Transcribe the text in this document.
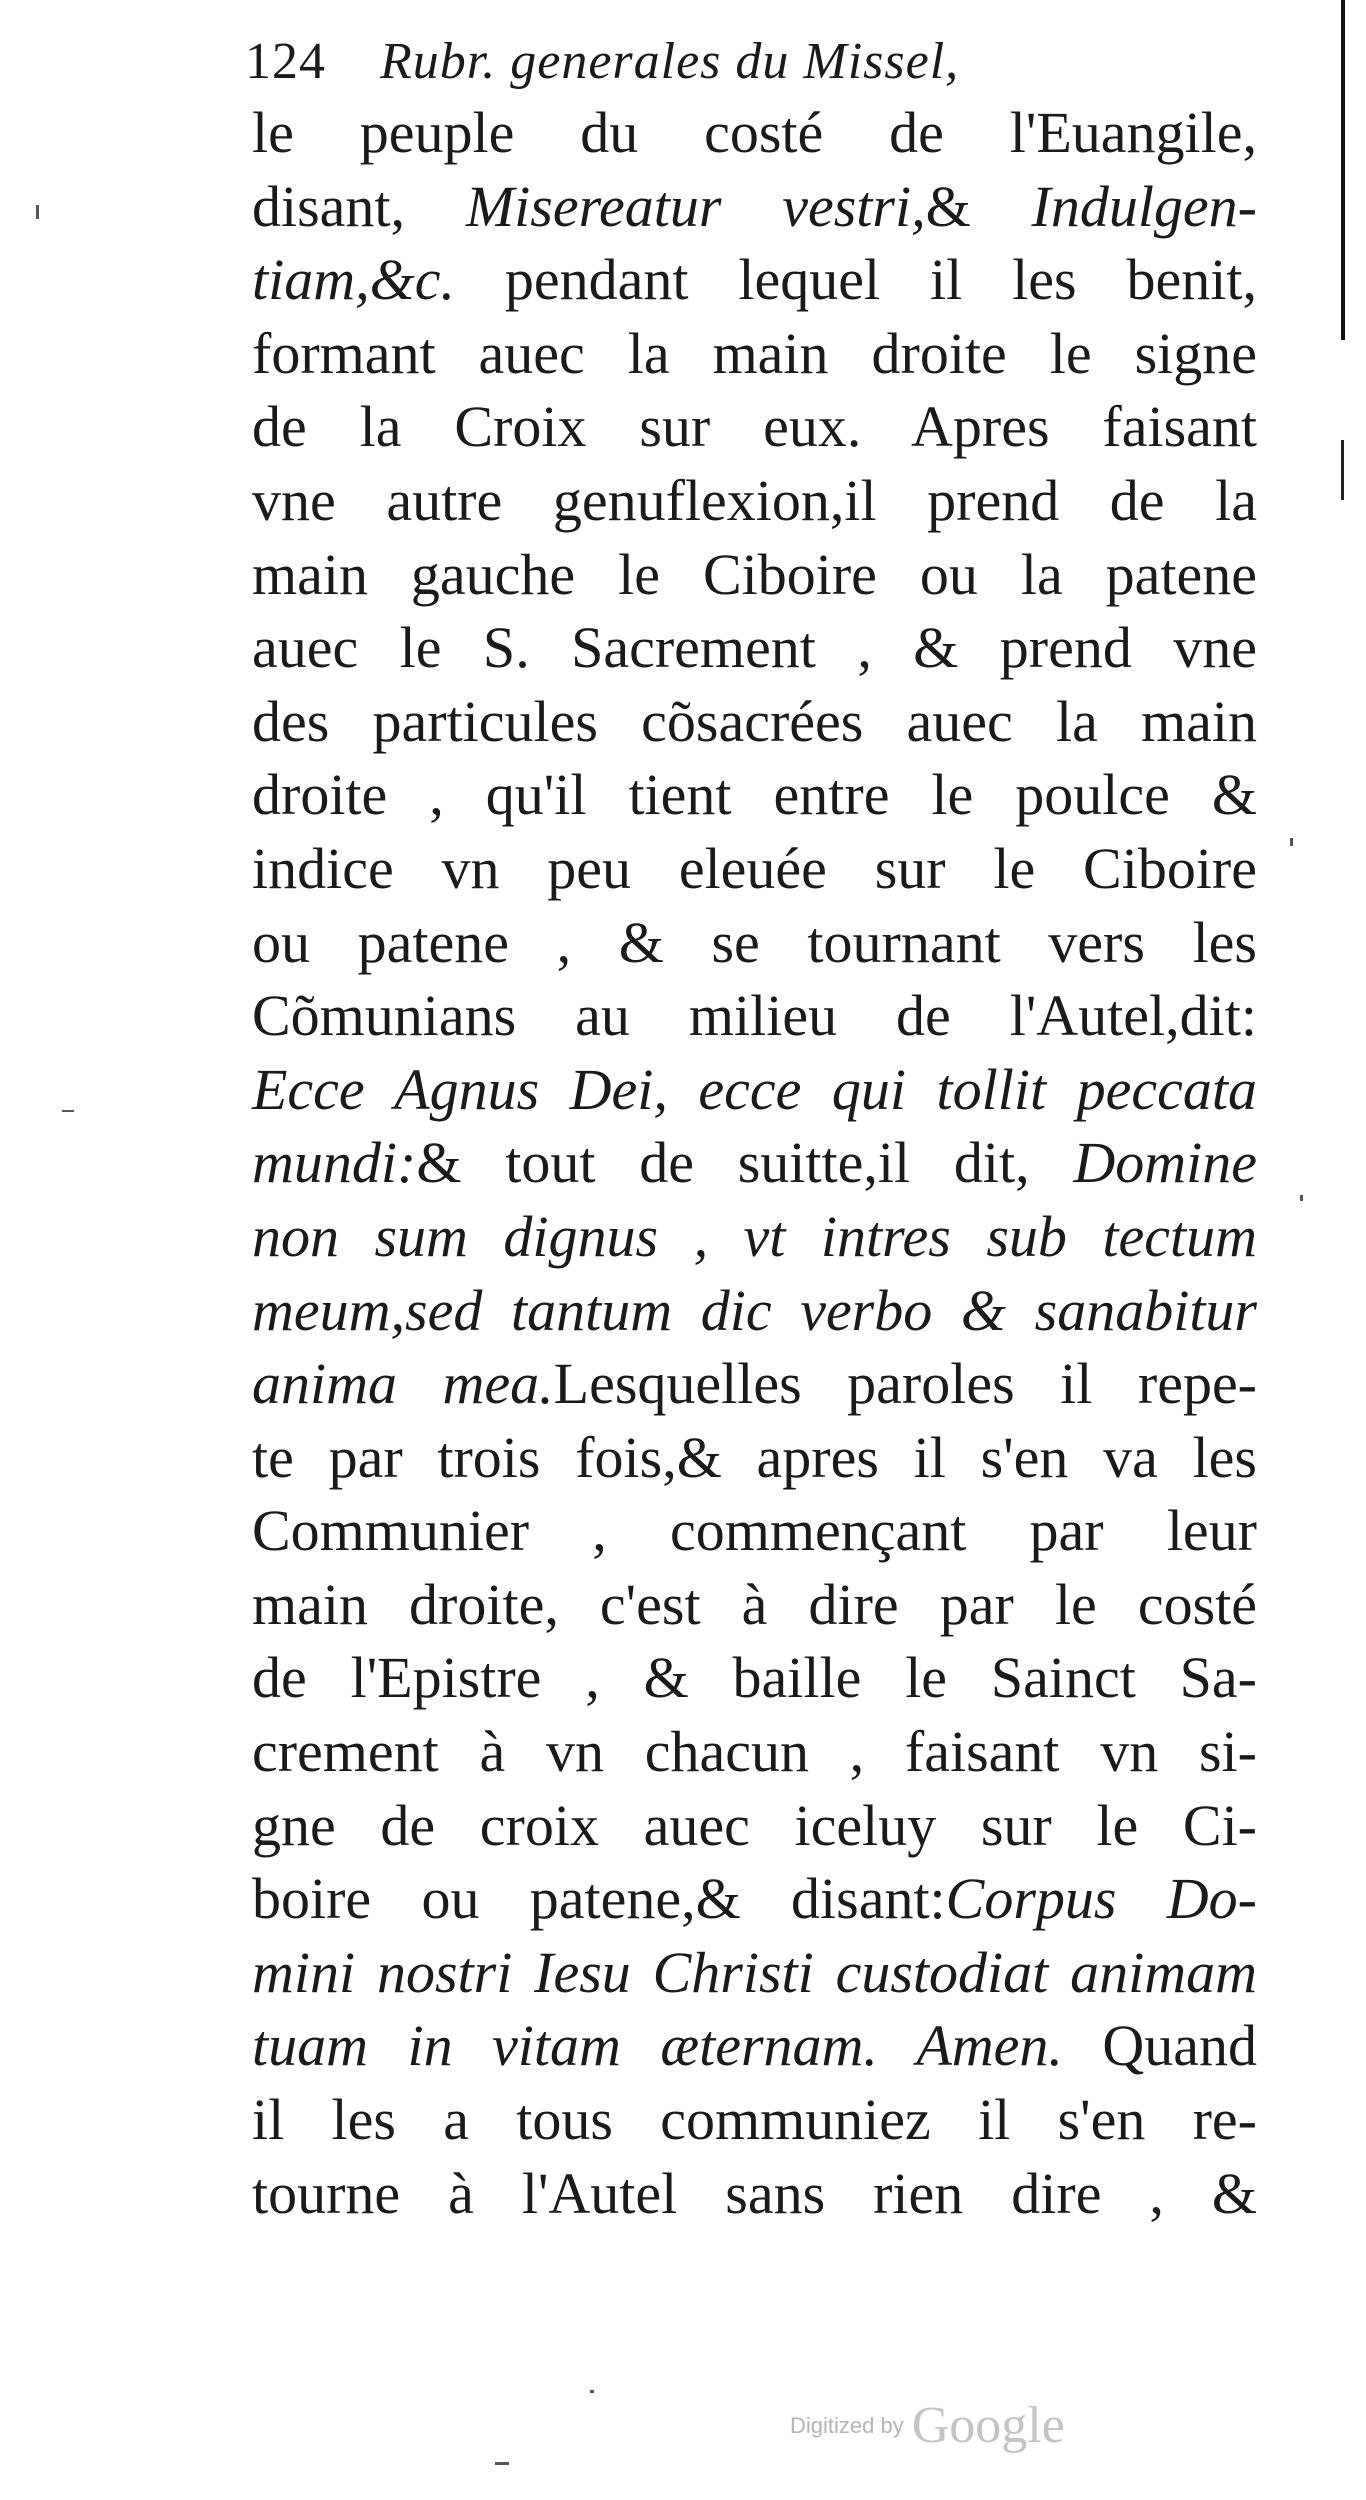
124 Rubr. generales du Missel,
le peuple du costé de l'Euangile,
disant, Misereatur vestri,& Indulgen-
tiam,&c. pendant lequel il les benit,
formant auec la main droite le signe
de la Croix sur eux. Apres faisant
vne autre genuflexion,il prend de la
main gauche le Ciboire ou la patene
auec le S. Sacrement , & prend vne
des particules cõsacrées auec la main
droite , qu'il tient entre le poulce &
indice vn peu eleuée sur le Ciboire
ou patene , & se tournant vers les
Cõmunians au milieu de l'Autel,dit:
Ecce Agnus Dei, ecce qui tollit peccata
mundi:& tout de suitte,il dit, Domine
non sum dignus , vt intres sub tectum
meum,sed tantum dic verbo & sanabitur
anima mea.Lesquelles paroles il repe-
te par trois fois,& apres il s'en va les
Communier , commençant par leur
main droite, c'est à dire par le costé
de l'Epistre , & baille le Sainct Sa-
crement à vn chacun , faisant vn si-
gne de croix auec iceluy sur le Ci-
boire ou patene,& disant:Corpus Do-
mini nostri Iesu Christi custodiat animam
tuam in vitam æternam. Amen. Quand
il les a tous communiez il s'en re-
tourne à l'Autel sans rien dire , &
Digitized by Google
